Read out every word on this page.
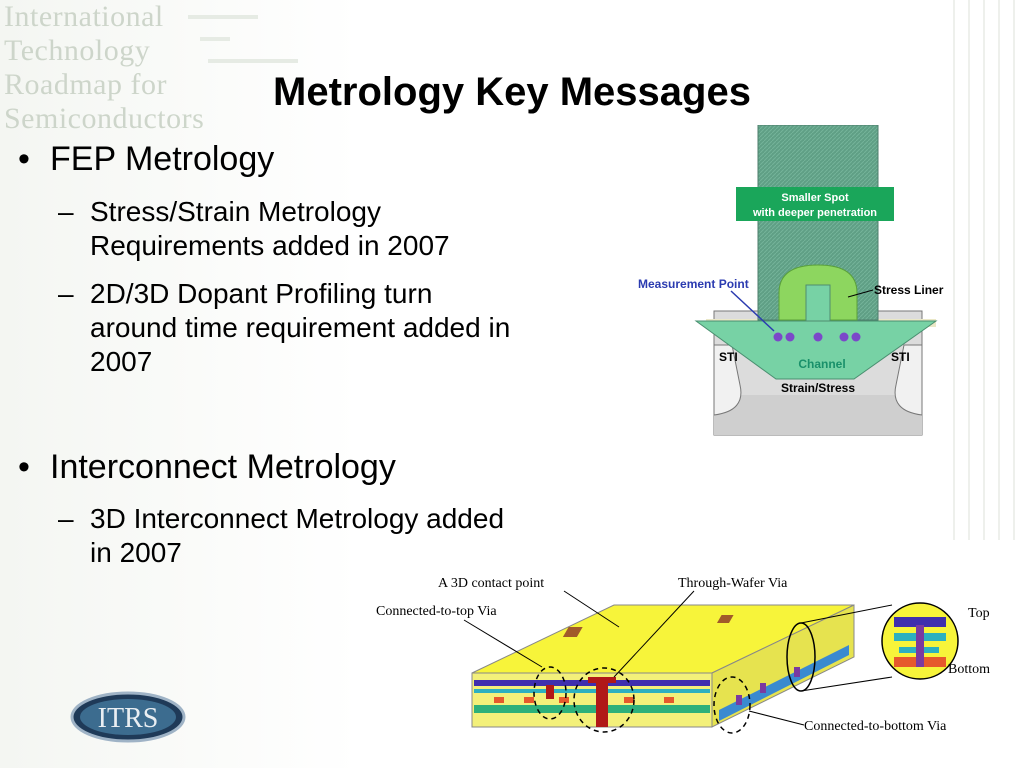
International
Technology
Roadmap for
Semiconductors
Metrology Key Messages
• FEP Metrology
– Stress/Strain Metrology
Requirements added in 2007
– 2D/3D Dopant Profiling turn
around time requirement added in
2007
• Interconnect Metrology
– 3D Interconnect Metrology added
in 2007
Smaller Spot
with deeper penetration
Measurement Point	Stress Liner
STI	STI
Channel
Strain/Stress
A 3D contact point	Through-Wafer Via
Connected-to-top Via
Connected-to-bottom Via
Top
Bottom
ITRS
